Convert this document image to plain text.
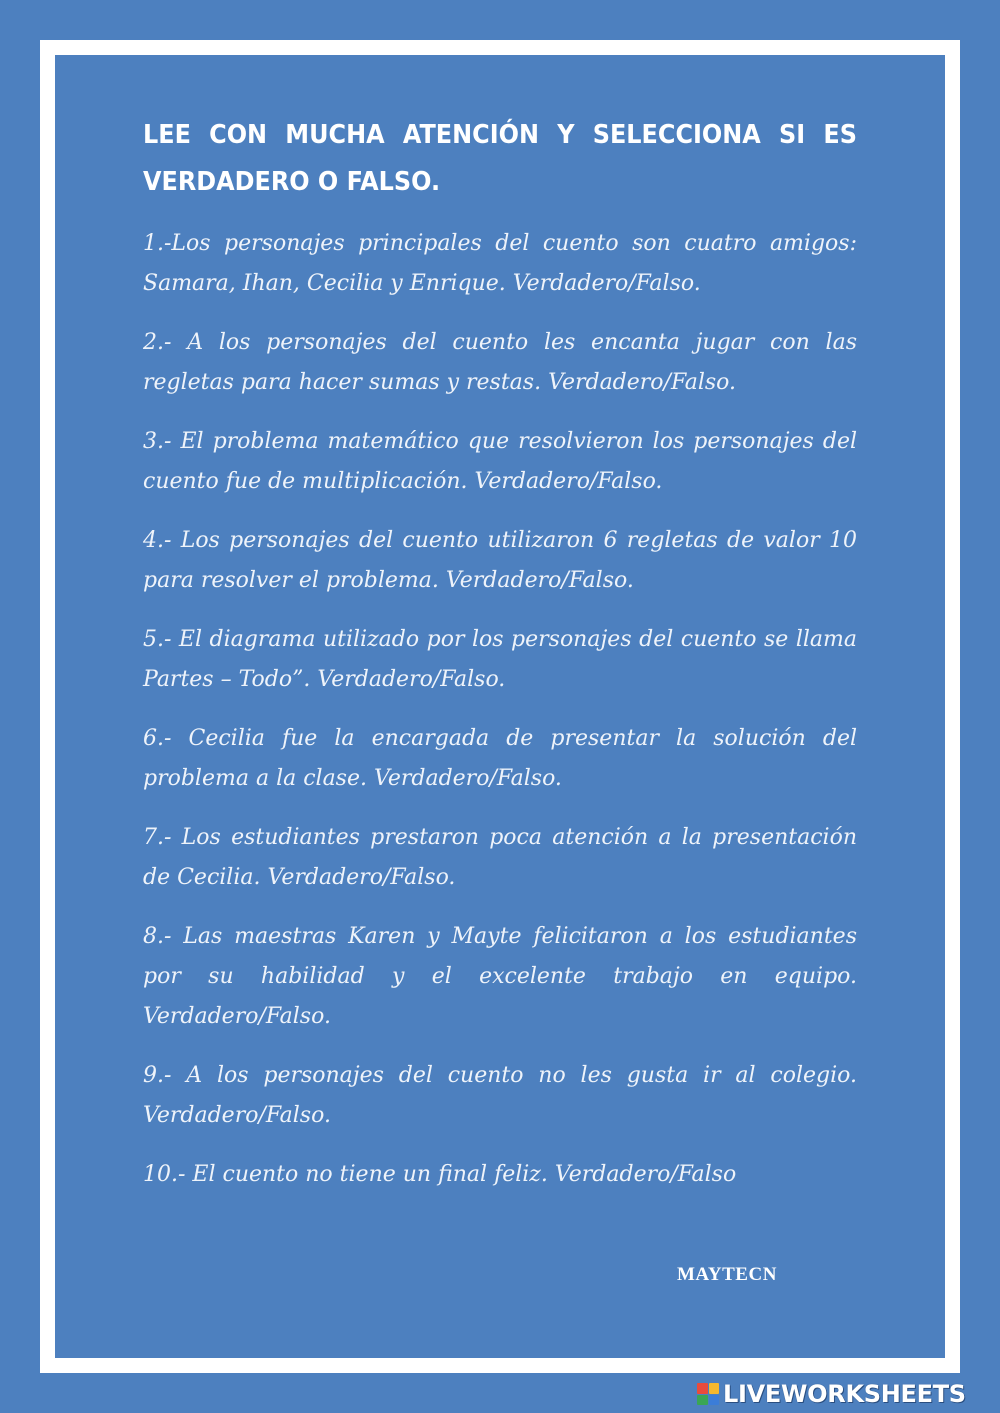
LEE CON MUCHA ATENCIÓN Y SELECCIONA SI ES VERDADERO O FALSO.
1.-Los personajes principales del cuento son cuatro amigos: Samara, Ihan, Cecilia y Enrique. Verdadero/Falso.
2.- A los personajes del cuento les encanta jugar con las regletas para hacer sumas y restas. Verdadero/Falso.
3.- El problema matemático que resolvieron los personajes del cuento fue de multiplicación. Verdadero/Falso.
4.- Los personajes del cuento utilizaron 6 regletas de valor 10 para resolver el problema. Verdadero/Falso.
5.- El diagrama utilizado por los personajes del cuento se llama Partes – Todo”. Verdadero/Falso.
6.- Cecilia fue la encargada de presentar la solución del problema a la clase. Verdadero/Falso.
7.- Los estudiantes prestaron poca atención a la presentación de Cecilia. Verdadero/Falso.
8.- Las maestras Karen y Mayte felicitaron a los estudiantes por su habilidad y el excelente trabajo en equipo. Verdadero/Falso.
9.- A los personajes del cuento no les gusta ir al colegio. Verdadero/Falso.
10.- El cuento no tiene un final feliz. Verdadero/Falso
MAYTECN
LIVEWORKSHEETS
